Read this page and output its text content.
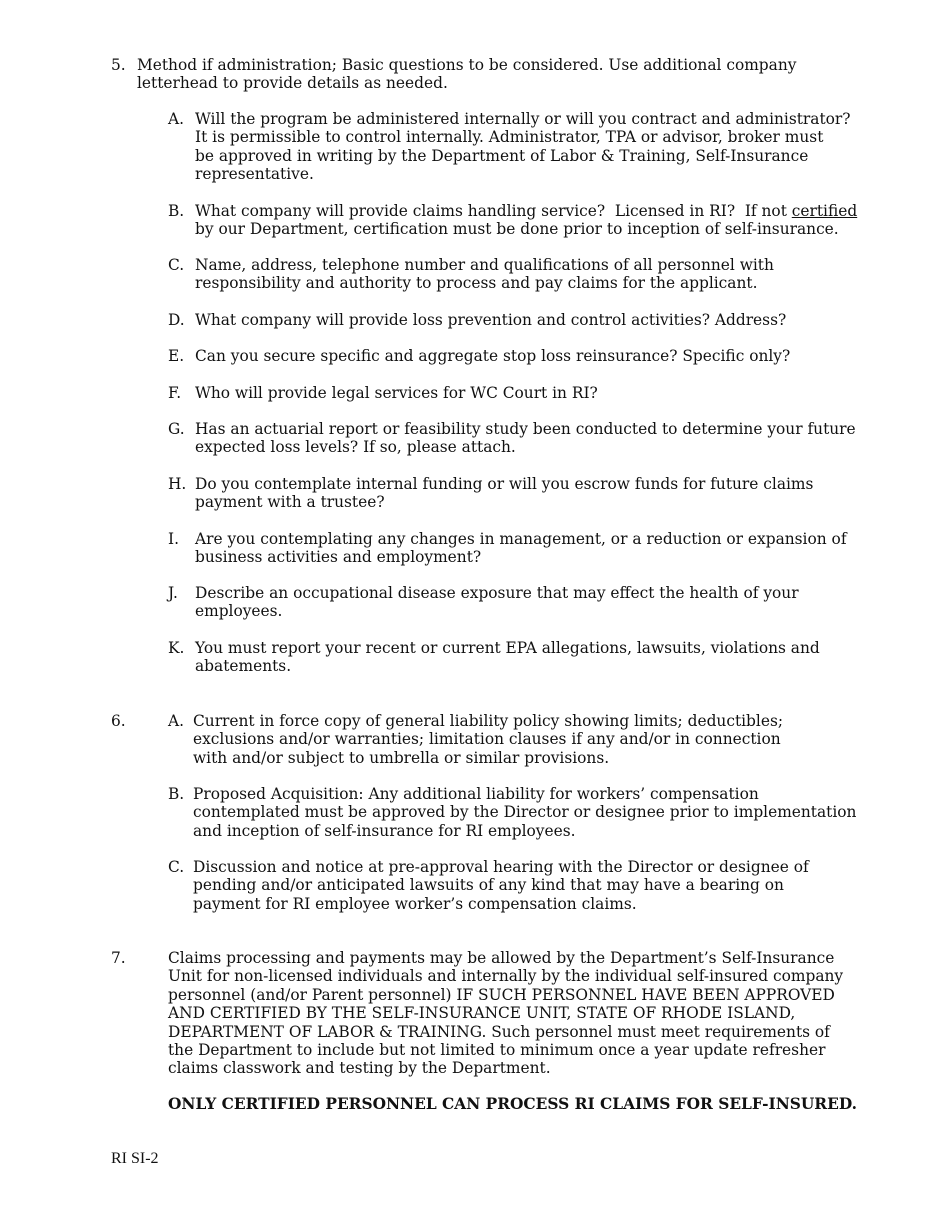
5. Method if administration; Basic questions to be considered. Use additional company
letterhead to provide details as needed.
A. Will the program be administered internally or will you contract and administrator?
It is permissible to control internally. Administrator, TPA or advisor, broker must
be approved in writing by the Department of Labor & Training, Self-Insurance
representative.
B. What company will provide claims handling service?  Licensed in RI?  If not certified
by our Department, certification must be done prior to inception of self-insurance.
C. Name, address, telephone number and qualifications of all personnel with
responsibility and authority to process and pay claims for the applicant.
D. What company will provide loss prevention and control activities? Address?
E. Can you secure specific and aggregate stop loss reinsurance? Specific only?
F. Who will provide legal services for WC Court in RI?
G. Has an actuarial report or feasibility study been conducted to determine your future
expected loss levels? If so, please attach.
H. Do you contemplate internal funding or will you escrow funds for future claims
payment with a trustee?
I. Are you contemplating any changes in management, or a reduction or expansion of
business activities and employment?
J. Describe an occupational disease exposure that may effect the health of your
employees.
K. You must report your recent or current EPA allegations, lawsuits, violations and
abatements.
6.	A. Current in force copy of general liability policy showing limits; deductibles;
exclusions and/or warranties; limitation clauses if any and/or in connection
with and/or subject to umbrella or similar provisions.
B. Proposed Acquisition: Any additional liability for workers’ compensation
contemplated must be approved by the Director or designee prior to implementation
and inception of self-insurance for RI employees.
C. Discussion and notice at pre-approval hearing with the Director or designee of
pending and/or anticipated lawsuits of any kind that may have a bearing on
payment for RI employee worker’s compensation claims.
7.	Claims processing and payments may be allowed by the Department’s Self-Insurance
Unit for non-licensed individuals and internally by the individual self-insured company
personnel (and/or Parent personnel) IF SUCH PERSONNEL HAVE BEEN APPROVED
AND CERTIFIED BY THE SELF-INSURANCE UNIT, STATE OF RHODE ISLAND,
DEPARTMENT OF LABOR & TRAINING. Such personnel must meet requirements of
the Department to include but not limited to minimum once a year update refresher
claims classwork and testing by the Department.
ONLY CERTIFIED PERSONNEL CAN PROCESS RI CLAIMS FOR SELF-INSURED.
RI SI-2
